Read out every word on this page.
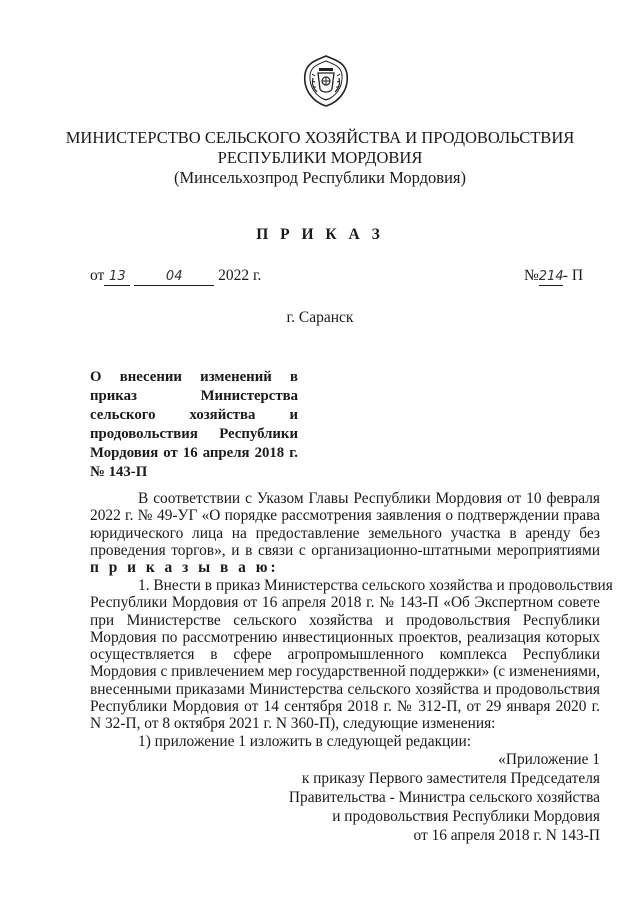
МИНИСТЕРСТВО СЕЛЬСКОГО ХОЗЯЙСТВА И ПРОДОВОЛЬСТВИЯ
РЕСПУБЛИКИ МОРДОВИЯ
(Минсельхозпрод Республики Мордовия)
П Р И К А З
от 13	04 2022 г.	№214- П
г. Саранск
О внесении изменений в
приказ Министерства
сельского хозяйства и
продовольствия Республики
Мордовия от 16 апреля 2018 г.
№ 143-П
В соответствии с Указом Главы Республики Мордовия от 10 февраля
2022 г. № 49-УГ «О порядке рассмотрения заявления о подтверждении права
юридического лица на предоставление земельного участка в аренду без
проведения торгов», и в связи с организационно-штатными мероприятиями
п р и к а з ы в а ю:
1. Внести в приказ Министерства сельского хозяйства и продовольствия
Республики Мордовия от 16 апреля 2018 г. № 143-П «Об Экспертном совете
при Министерстве сельского хозяйства и продовольствия Республики
Мордовия по рассмотрению инвестиционных проектов, реализация которых
осуществляется в сфере агропромышленного комплекса Республики
Мордовия с привлечением мер государственной поддержки» (с изменениями,
внесенными приказами Министерства сельского хозяйства и продовольствия
Республики Мордовия от 14 сентября 2018 г. № 312-П, от 29 января 2020 г.
N 32-П, от 8 октября 2021 г. N 360-П), следующие изменения:
1) приложение 1 изложить в следующей редакции:
«Приложение 1
к приказу Первого заместителя Председателя
Правительства - Министра сельского хозяйства
и продовольствия Республики Мордовия
от 16 апреля 2018 г. N 143-П
